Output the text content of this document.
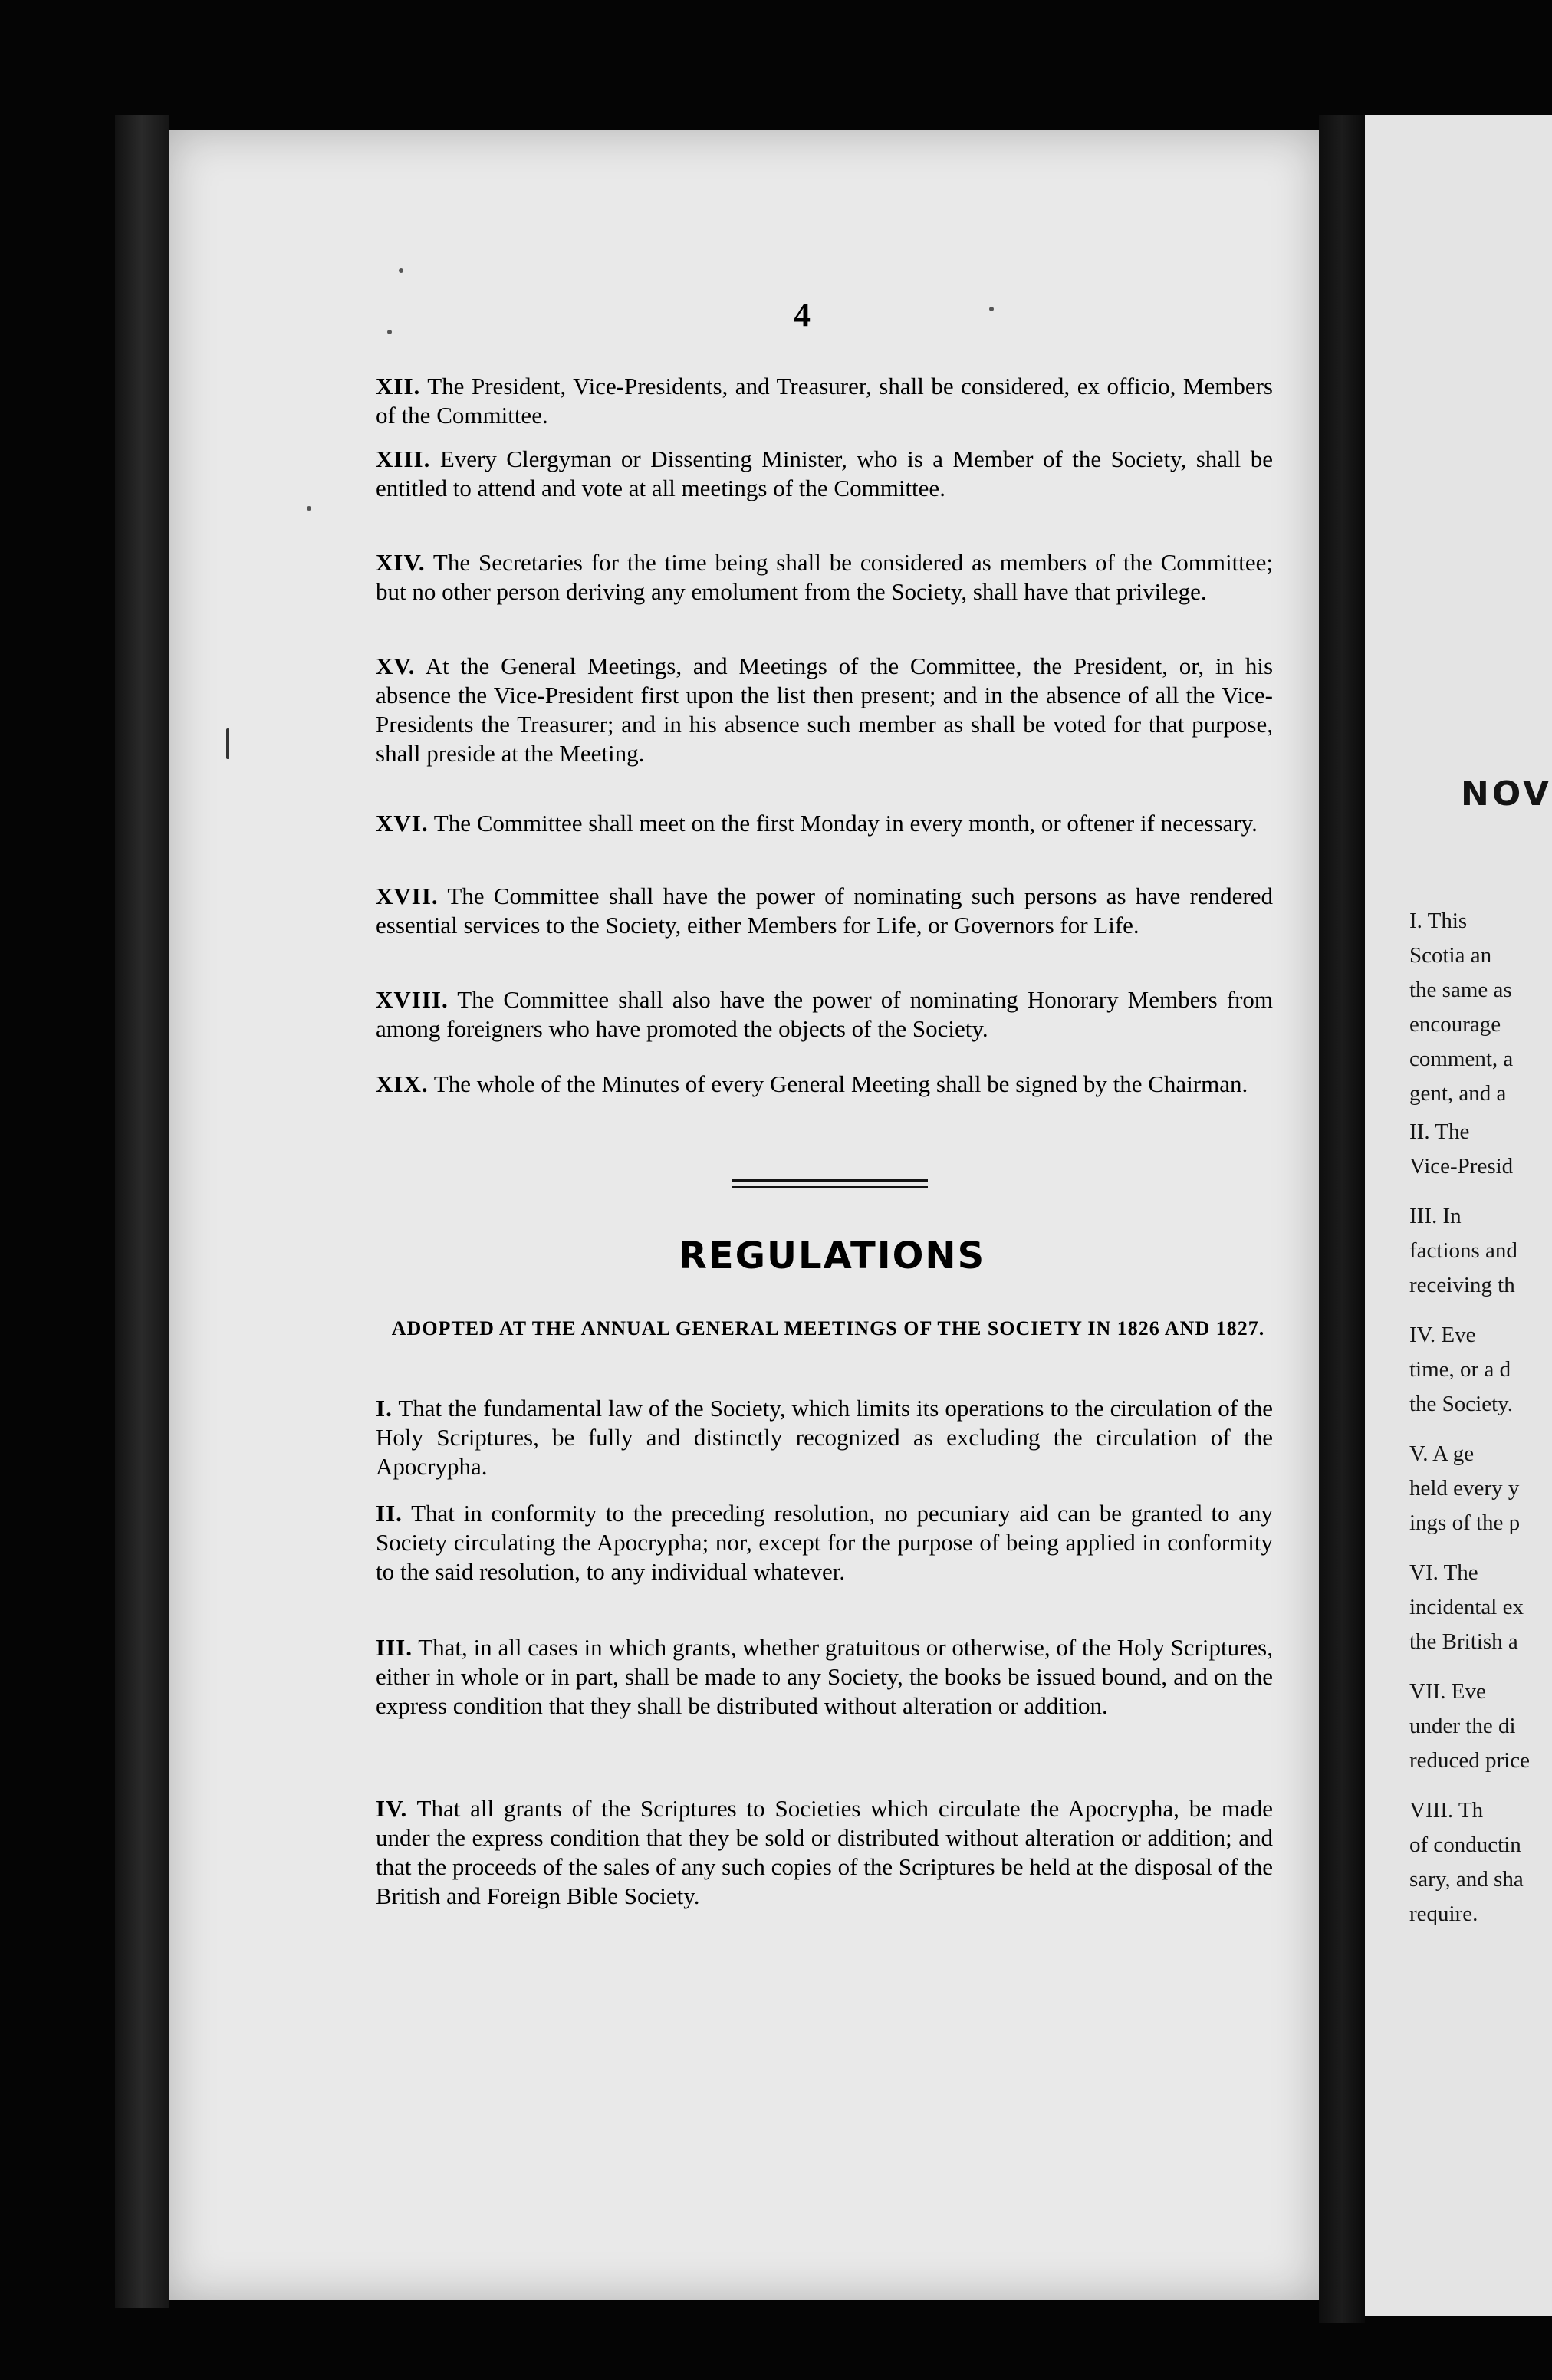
NOV
I. This
Scotia an
the same as
encourage
comment, a
gent, and a
II. The
Vice-Presid
III. In
factions and
receiving th
IV. Eve
time, or a d
the Society.
V. A ge
held every y
ings of the p
VI. The
incidental ex
the British a
VII. Eve
under the di
reduced price
VIII. Th
of conductin
sary, and sha
require.
4
XII. The President, Vice-Presidents, and Treasurer, shall be considered, ex officio, Members of the Committee.
XIII. Every Clergyman or Dissenting Minister, who is a Member of the Society, shall be entitled to attend and vote at all meetings of the Committee.
XIV. The Secretaries for the time being shall be considered as members of the Committee; but no other person deriving any emolument from the Society, shall have that privilege.
XV. At the General Meetings, and Meetings of the Committee, the President, or, in his absence the Vice-President first upon the list then present; and in the absence of all the Vice-Presidents the Treasurer; and in his absence such member as shall be voted for that purpose, shall preside at the Meeting.
XVI. The Committee shall meet on the first Monday in every month, or oftener if necessary.
XVII. The Committee shall have the power of nominating such persons as have rendered essential services to the Society, either Members for Life, or Governors for Life.
XVIII. The Committee shall also have the power of nominating Honorary Members from among foreigners who have promoted the objects of the Society.
XIX. The whole of the Minutes of every General Meeting shall be signed by the Chairman.
REGULATIONS
ADOPTED AT THE ANNUAL GENERAL MEETINGS OF THE SOCIETY IN 1826 AND 1827.
I. That the fundamental law of the Society, which limits its operations to the circulation of the Holy Scriptures, be fully and distinctly recognized as excluding the circulation of the Apocrypha.
II. That in conformity to the preceding resolution, no pecuniary aid can be granted to any Society circulating the Apocrypha; nor, except for the purpose of being applied in conformity to the said resolution, to any individual whatever.
III. That, in all cases in which grants, whether gratuitous or otherwise, of the Holy Scriptures, either in whole or in part, shall be made to any Society, the books be issued bound, and on the express condition that they shall be distributed without alteration or addition.
IV. That all grants of the Scriptures to Societies which circulate the Apocrypha, be made under the express condition that they be sold or distributed without alteration or addition; and that the proceeds of the sales of any such copies of the Scriptures be held at the disposal of the British and Foreign Bible Society.
